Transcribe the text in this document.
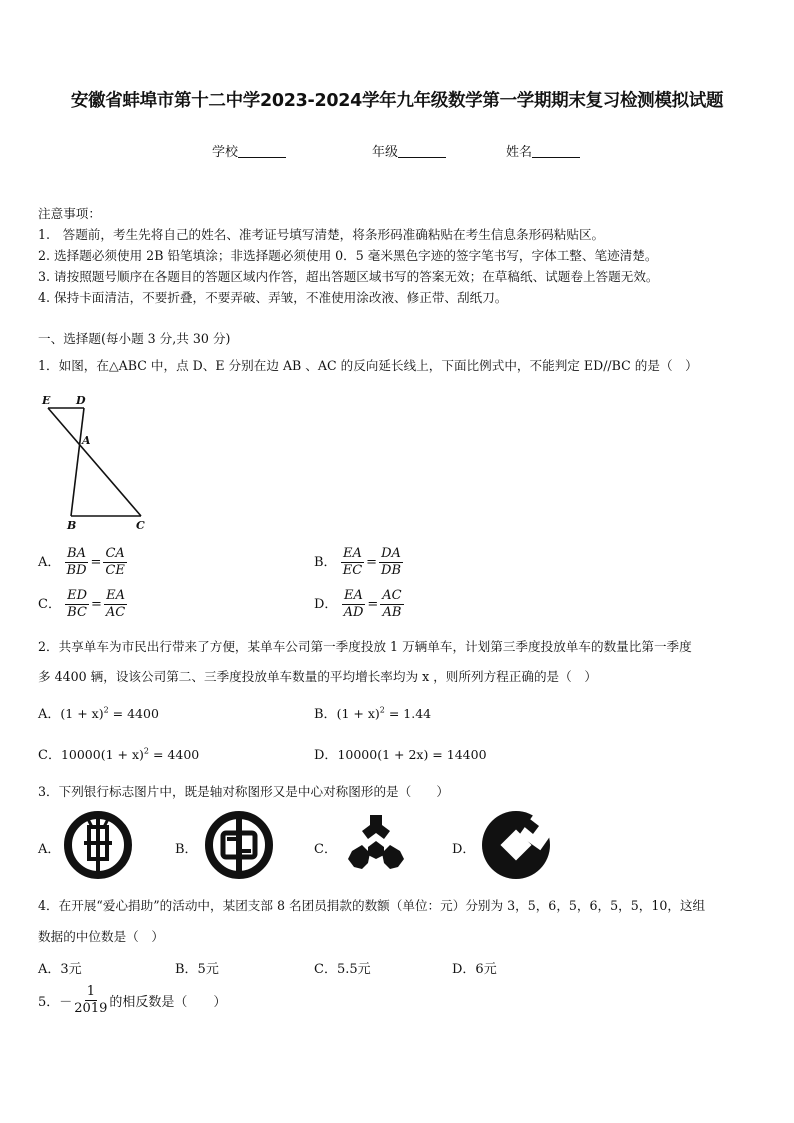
安徽省蚌埠市第十二中学2023-2024学年九年级数学第一学期期末复习检测模拟试题
学校	年级	姓名
注意事项：
1.　答题前，考生先将自己的姓名、准考证号填写清楚，将条形码准确粘贴在考生信息条形码粘贴区。
2. 选择题必须使用 2B 铅笔填涂；非选择题必须使用 0．5 毫米黑色字迹的签字笔书写，字体工整、笔迹清楚。
3. 请按照题号顺序在各题目的答题区域内作答，超出答题区域书写的答案无效；在草稿纸、试题卷上答题无效。
4. 保持卡面清洁，不要折叠，不要弄破、弄皱，不准使用涂改液、修正带、刮纸刀。
一、选择题(每小题 3 分,共 30 分)
1．如图，在△ABC 中，点 D、E 分别在边 AB 、AC 的反向延长线上，下面比例式中，不能判定 ED//BC 的是（　）
E D
A
B	C
A． $\frac{BA}{BD} = \frac{CA}{CE}$	B． $\frac{EA}{EC} = \frac{DA}{DB}$
C． $\frac{ED}{BC} = \frac{EA}{AC}$	D． $\frac{EA}{AD} = \frac{AC}{AB}$
2．共享单车为市民出行带来了方便，某单车公司第一季度投放 1 万辆单车，计划第三季度投放单车的数量比第一季度
多 4400 辆，设该公司第二、三季度投放单车数量的平均增长率均为 x ，则所列方程正确的是（　）
A．$(1 + x)^2 = 4400$	B．$(1 + x)^2 = 1.44$
C．$10000(1 + x)^2 = 4400$	D．10000(1 + 2x) = 14400
3．下列银行标志图片中，既是轴对称图形又是中心对称图形的是（　　）
A．	B．	C．	D．
4．在开展“爱心捐助”的活动中，某团支部 8 名团员捐款的数额（单位：元）分别为 3，5，6，5，6，5，5，10，这组
数据的中位数是（　）
A．3元	B．5元	C．5.5元	D．6元
5．－ $\frac{1}{2019}$ 的相反数是（　　）
